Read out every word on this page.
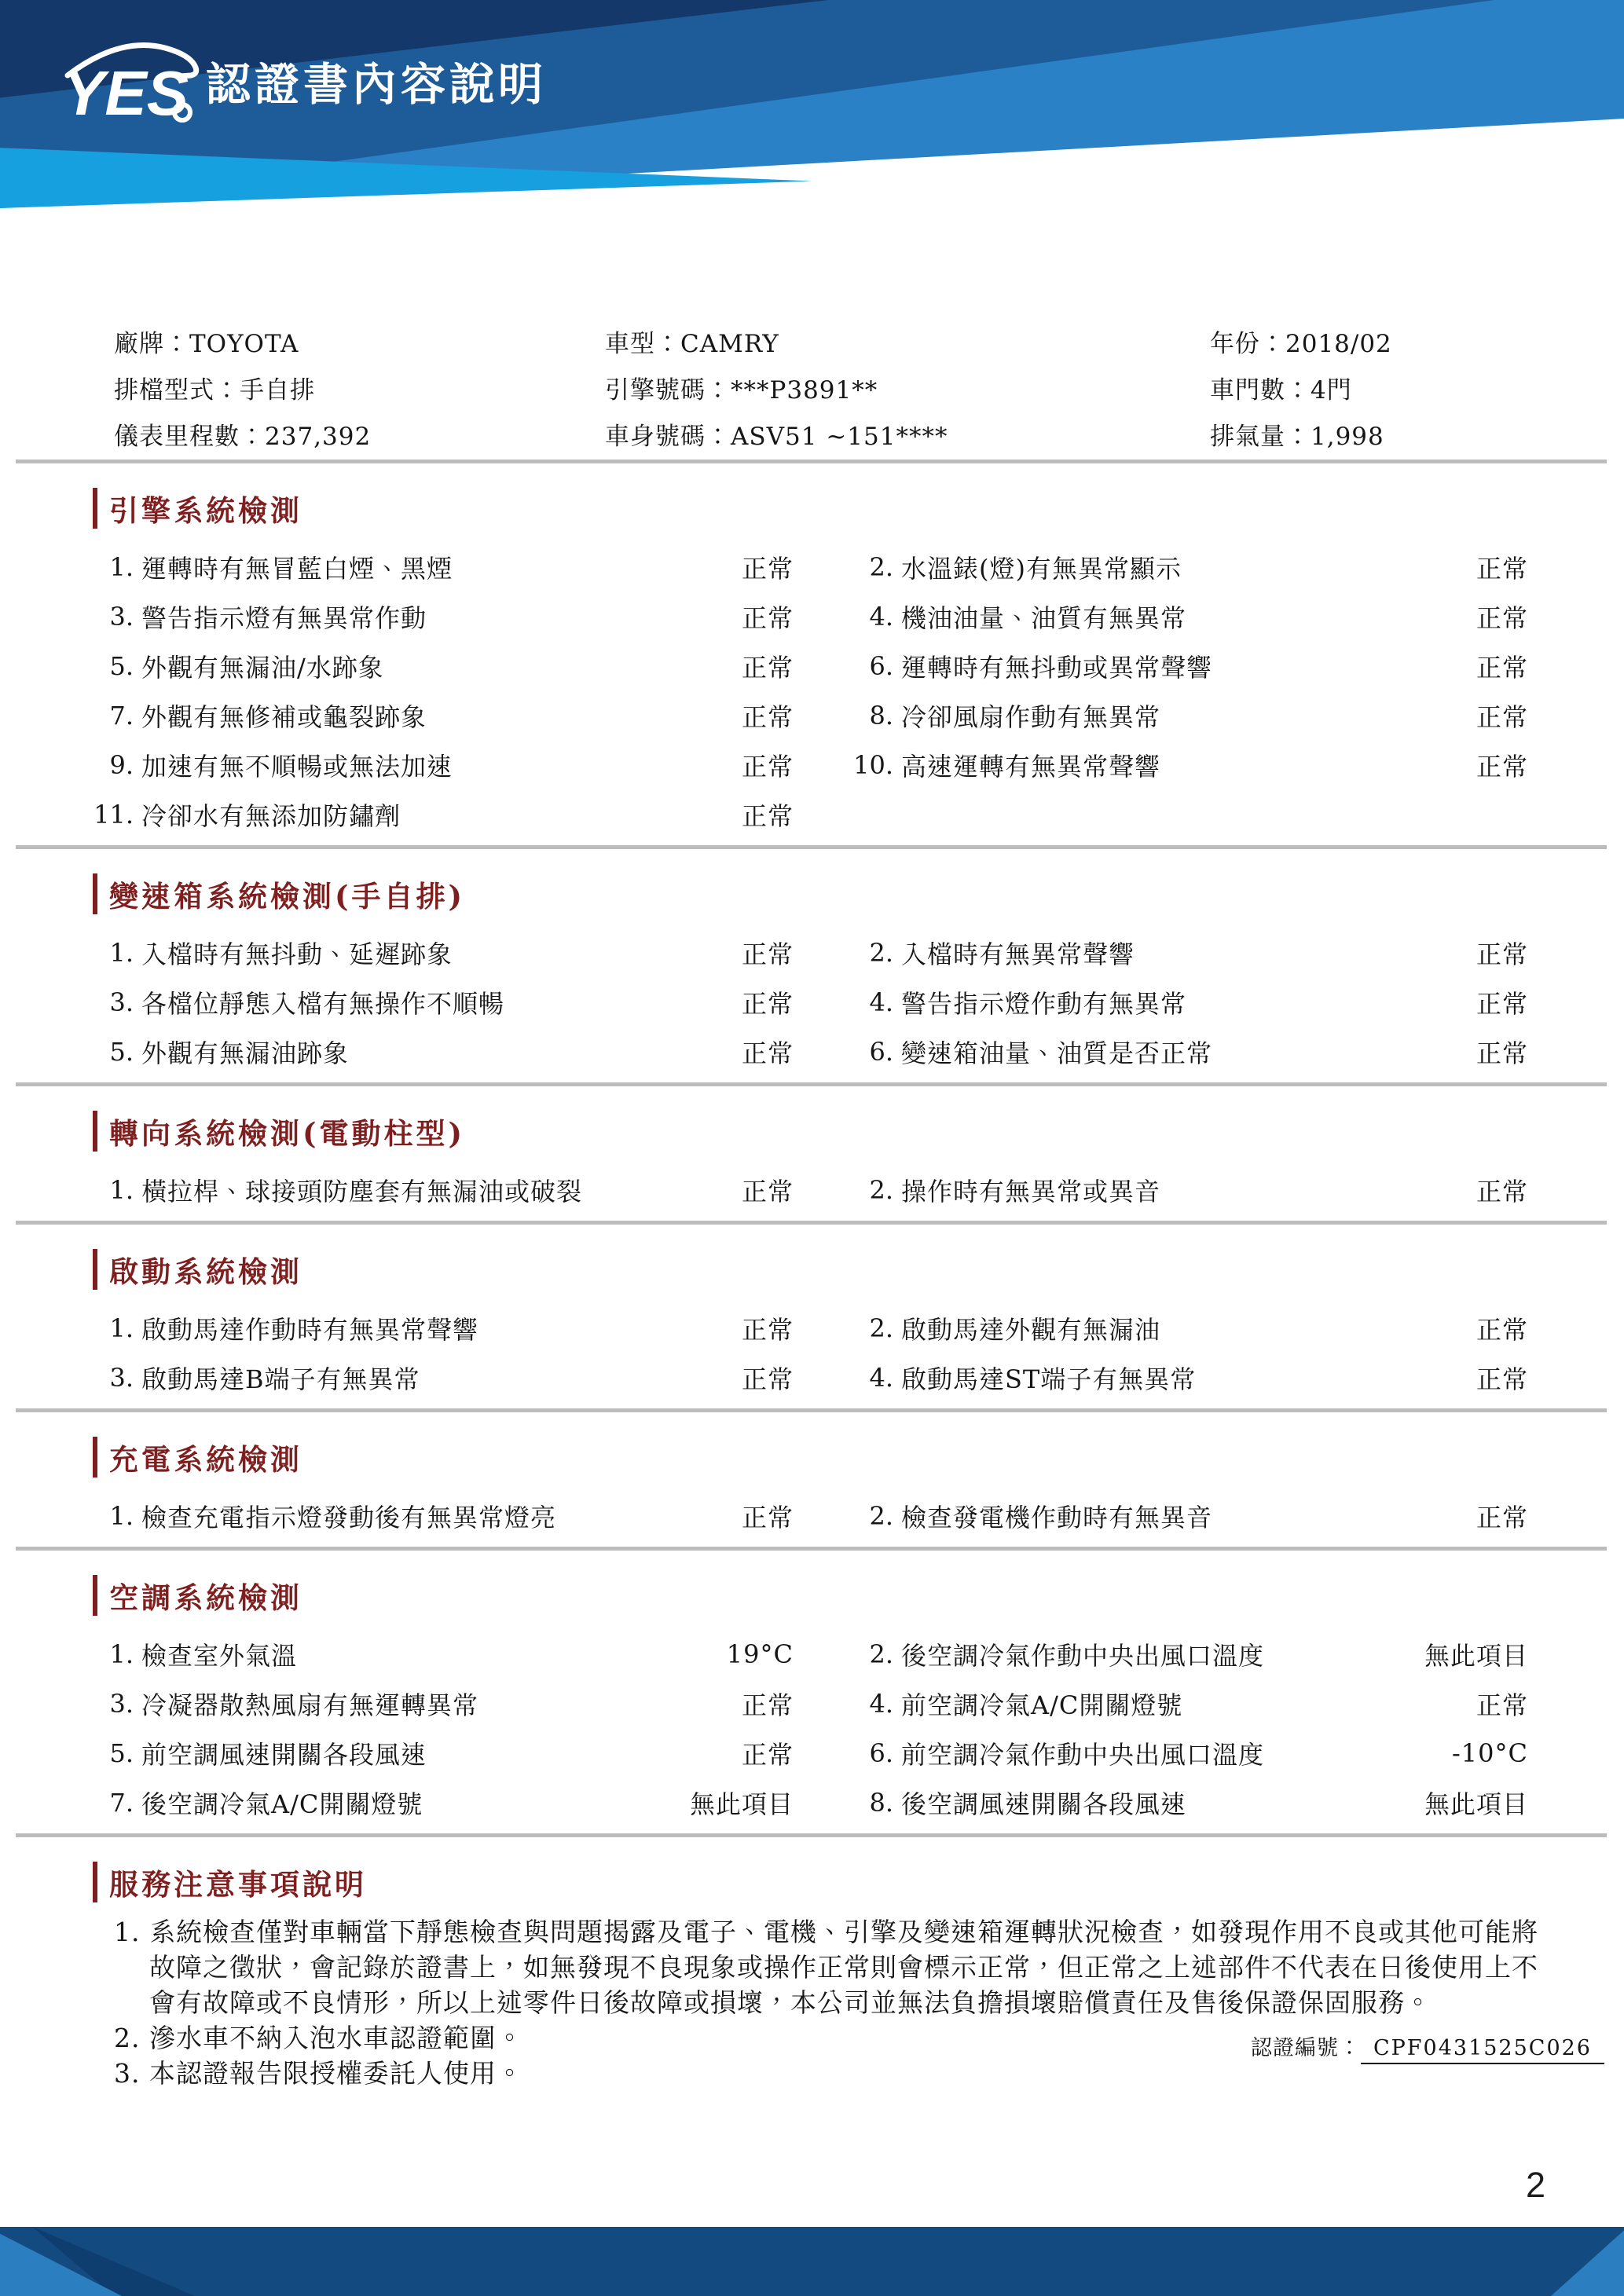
YES 認證書內容說明
廠牌：TOYOTA	車型：CAMRY	年份：2018/02
排檔型式：手自排	引擎號碼：***P3891**	車門數：4門
儀表里程數：237,392	車身號碼：ASV51 ~151****	排氣量：1,998
引擎系統檢測
1. 運轉時有無冒藍白煙、黑煙	正常	2. 水溫錶(燈)有無異常顯示	正常
3. 警告指示燈有無異常作動	正常	4. 機油油量、油質有無異常	正常
5. 外觀有無漏油/水跡象	正常	6. 運轉時有無抖動或異常聲響	正常
7. 外觀有無修補或龜裂跡象	正常	8. 冷卻風扇作動有無異常	正常
9. 加速有無不順暢或無法加速	正常 10. 高速運轉有無異常聲響	正常
11. 冷卻水有無添加防鏽劑	正常
變速箱系統檢測(手自排)
1. 入檔時有無抖動、延遲跡象	正常	2. 入檔時有無異常聲響	正常
3. 各檔位靜態入檔有無操作不順暢	正常	4. 警告指示燈作動有無異常	正常
5. 外觀有無漏油跡象	正常	6. 變速箱油量、油質是否正常	正常
轉向系統檢測(電動柱型)
1. 橫拉桿、球接頭防塵套有無漏油或破裂	正常	2. 操作時有無異常或異音	正常
啟動系統檢測
1. 啟動馬達作動時有無異常聲響	正常	2. 啟動馬達外觀有無漏油	正常
3. 啟動馬達B端子有無異常	正常	4. 啟動馬達ST端子有無異常	正常
充電系統檢測
1. 檢查充電指示燈發動後有無異常燈亮	正常	2. 檢查發電機作動時有無異音	正常
空調系統檢測
1. 檢查室外氣溫	19°C	2. 後空調冷氣作動中央出風口溫度	無此項目
3. 冷凝器散熱風扇有無運轉異常	正常	4. 前空調冷氣A/C開關燈號	正常
5. 前空調風速開關各段風速	正常	6. 前空調冷氣作動中央出風口溫度	-10°C
7. 後空調冷氣A/C開關燈號	無此項目	8. 後空調風速開關各段風速	無此項目
服務注意事項說明
1. 系統檢查僅對車輛當下靜態檢查與問題揭露及電子、電機、引擎及變速箱運轉狀況檢查，如發現作用不良或其他可能將故障之徵狀，會記錄於證書上，如無發現不良現象或操作正常則會標示正常，但正常之上述部件不代表在日後使用上不會有故障或不良情形，所以上述零件日後故障或損壞，本公司並無法負擔損壞賠償責任及售後保證保固服務。
2. 滲水車不納入泡水車認證範圍。
3. 本認證報告限授權委託人使用。
認證編號： CPF0431525C026
2
